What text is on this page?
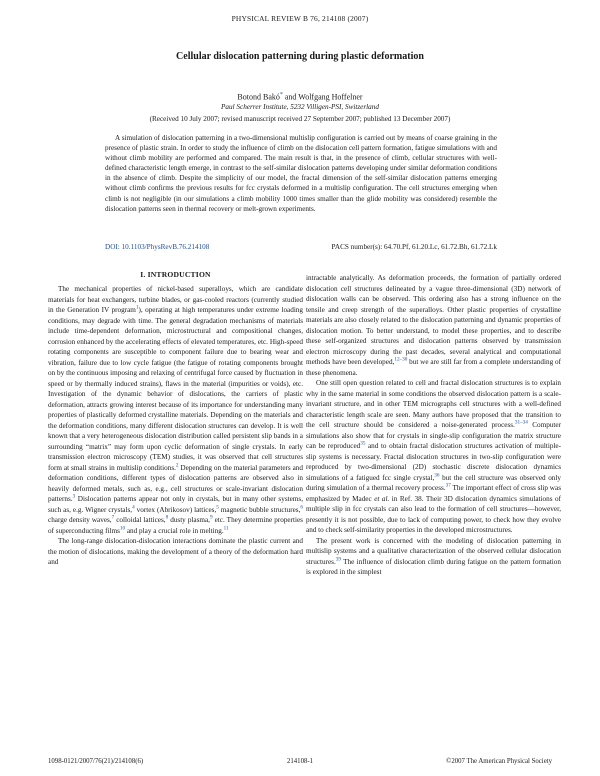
PHYSICAL REVIEW B 76, 214108 (2007)
Cellular dislocation patterning during plastic deformation
Botond Bakó* and Wolfgang Hoffelner
Paul Scherrer Institute, 5232 Villigen-PSI, Switzerland
(Received 10 July 2007; revised manuscript received 27 September 2007; published 13 December 2007)
A simulation of dislocation patterning in a two-dimensional multislip configuration is carried out by means of coarse graining in the presence of plastic strain. In order to study the influence of climb on the dislocation cell pattern formation, fatigue simulations with and without climb mobility are performed and compared. The main result is that, in the presence of climb, cellular structures with well-defined characteristic length emerge, in contrast to the self-similar dislocation patterns developing under similar deformation conditions in the absence of climb. Despite the simplicity of our model, the fractal dimension of the self-similar dislocation patterns emerging without climb confirms the previous results for fcc crystals deformed in a multislip configuration. The cell structures emerging when climb is not negligible (in our simulations a climb mobility 1000 times smaller than the glide mobility was considered) resemble the dislocation patterns seen in thermal recovery or melt-grown experiments.
DOI: 10.1103/PhysRevB.76.214108	PACS number(s): 64.70.Pf, 61.20.Lc, 61.72.Bh, 61.72.Lk
I. INTRODUCTION

The mechanical properties of nickel-based superalloys, which are candidate materials for heat exchangers, turbine blades, or gas-cooled reactors (currently studied in the Generation IV program$^1$), operating at high temperatures under extreme loading conditions, may degrade with time. The general degradation mechanisms of materials include time-dependent deformation, microstructural and compositional changes, corrosion enhanced by the accelerating effects of elevated temperatures, etc. High-speed rotating components are susceptible to component failure due to bearing wear and vibration, failure due to low cycle fatigue (the fatigue of rotating components brought on by the continuous imposing and relaxing of centrifugal force caused by fluctuation in speed or by thermally induced strains), flaws in the material (impurities or voids), etc. Investigation of the dynamic behavior of dislocations, the carriers of plastic deformation, attracts growing interest because of its importance for understanding many properties of plastically deformed crystalline materials. Depending on the materials and the deformation conditions, many different dislocation structures can develop. It is well known that a very heterogeneous dislocation distribution called persistent slip bands in a surrounding “matrix” may form upon cyclic deformation of single crystals. In early transmission electron microscopy (TEM) studies, it was observed that cell structures form at small strains in multislip conditions.$^2$ Depending on the material parameters and deformation conditions, different types of dislocation patterns are observed also in heavily deformed metals, such as, e.g., cell structures or scale-invariant dislocation patterns.$^3$ Dislocation patterns appear not only in crystals, but in many other systems, such as, e.g. Wigner crystals,$^4$ vortex (Abrikosov) lattices,$^5$ magnetic bubble structures,$^6$ charge density waves,$^7$ colloidal lattices,$^8$ dusty plasma,$^9$ etc. They determine properties of superconducting films$^{10}$ and play a crucial role in melting.$^{11}$

The long-range dislocation-dislocation interactions dominate the plastic current and the motion of dislocations, making the development of a theory of the deformation hard and

intractable analytically. As deformation proceeds, the formation of partially ordered dislocation cell structures delineated by a vague three-dimensional (3D) network of dislocation walls can be observed. This ordering also has a strong influence on the tensile and creep strength of the superalloys. Other plastic properties of crystalline materials are also closely related to the dislocation patterning and dynamic properties of dislocation motion. To better understand, to model these properties, and to describe these self-organized structures and dislocation patterns observed by transmission electron microscopy during the past decades, several analytical and computational methods have been developed,$^{12-30}$ but we are still far from a complete understanding of these phenomena.

One still open question related to cell and fractal dislocation structures is to explain why in the same material in some conditions the observed dislocation pattern is a scale-invariant structure, and in other TEM micrographs cell structures with a well-defined characteristic length scale are seen. Many authors have proposed that the transition to the cell structure should be considered a noise-generated process.$^{31-34}$ Computer simulations also show that for crystals in single-slip configuration the matrix structure can be reproduced$^{35}$ and to obtain fractal dislocation structures activation of multiple-slip systems is necessary. Fractal dislocation structures in two-slip configuration were reproduced by two-dimensional (2D) stochastic discrete dislocation dynamics simulations of a fatigued fcc single crystal,$^{36}$ but the cell structure was observed only during simulation of a thermal recovery process.$^{37}$ The important effect of cross slip was emphasized by Madec et al. in Ref. 38. Their 3D dislocation dynamics simulations of multiple slip in fcc crystals can also lead to the formation of cell structures—however, presently it is not possible, due to lack of computing power, to check how they evolve and to check self-similarity properties in the developed microstructures.

The present work is concerned with the modeling of dislocation patterning in multislip systems and a qualitative characterization of the observed cellular dislocation structures.$^{39}$ The influence of dislocation climb during fatigue on the pattern formation is explored in the simplest

1098-0121/2007/76(21)/214108(6)	214108-1	©2007 The American Physical Society
